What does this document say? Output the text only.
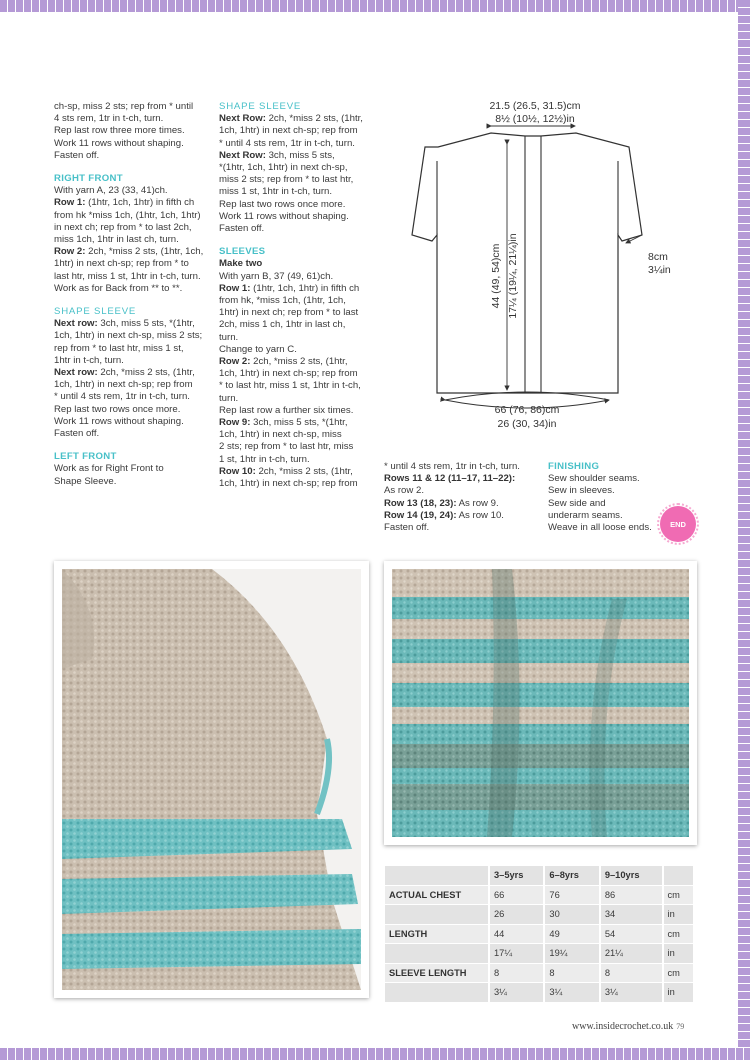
ch-sp, miss 2 sts; rep from * until

4 sts rem, 1tr in t-ch, turn.

Rep last row three more times.

Work 11 rows without shaping.

Fasten off.

RIGHT FRONT

With yarn A, 23 (33, 41)ch.

Row 1: (1htr, 1ch, 1htr) in fifth ch

from hk *miss 1ch, (1htr, 1ch, 1htr)

in next ch; rep from * to last 2ch,

miss 1ch, 1htr in last ch, turn.

Row 2: 2ch, *miss 2 sts, (1htr, 1ch,

1htr) in next ch-sp; rep from * to

last htr, miss 1 st, 1htr in t-ch, turn.

Work as for Back from ** to **.

SHAPE SLEEVE

Next row: 3ch, miss 5 sts, *(1htr,

1ch, 1htr) in next ch-sp, miss 2 sts;

rep from * to last htr, miss 1 st,

1htr in t-ch, turn.

Next row: 2ch, *miss 2 sts, (1htr,

1ch, 1htr) in next ch-sp; rep from

* until 4 sts rem, 1tr in t-ch, turn.

Rep last two rows once more.

Work 11 rows without shaping.

Fasten off.

LEFT FRONT

Work as for Right Front to

Shape Sleeve.

SHAPE SLEEVE

Next Row: 2ch, *miss 2 sts, (1htr,

1ch, 1htr) in next ch-sp; rep from

* until 4 sts rem, 1tr in t-ch, turn.

Next Row: 3ch, miss 5 sts,

*(1htr, 1ch, 1htr) in next ch-sp,

miss 2 sts; rep from * to last htr,

miss 1 st, 1htr in t-ch, turn.

Rep last two rows once more.

Work 11 rows without shaping.

Fasten off.

SLEEVES

Make two

With yarn B, 37 (49, 61)ch.

Row 1: (1htr, 1ch, 1htr) in fifth ch

from hk, *miss 1ch, (1htr, 1ch,

1htr) in next ch; rep from * to last

2ch, miss 1 ch, 1htr in last ch,

turn.

Change to yarn C.

Row 2: 2ch, *miss 2 sts, (1htr,

1ch, 1htr) in next ch-sp; rep from

* to last htr, miss 1 st, 1htr in t-ch,

turn.

Rep last row a further six times.

Row 9: 3ch, miss 5 sts, *(1htr,

1ch, 1htr) in next ch-sp, miss

2 sts; rep from * to last htr, miss

1 st, 1htr in t-ch, turn.

Row 10: 2ch, *miss 2 sts, (1htr,

1ch, 1htr) in next ch-sp; rep from

* until 4 sts rem, 1tr in t-ch, turn.

Rows 11 & 12 (11–17, 11–22):

As row 2.

Row 13 (18, 23): As row 9.

Row 14 (19, 24): As row 10.

Fasten off.

FINISHING

Sew shoulder seams.

Sew in sleeves.

Sew side and

underarm seams.

Weave in all loose ends.	END
21.5 (26.5, 31.5)cm
8½ (10½, 12½)in
44 (49, 54)cm 17¼ (19¼, 21¼)in	8cm
3¼in
66 (76, 86)cm
26 (30, 34)in
	3–5yrs	6–8yrs	9–10yrs	
ACTUAL CHEST	66	76	86	cm
	26	30	34	in
LENGTH	44	49	54	cm
	17¼	19¼	21¼	in
SLEEVE LENGTH	8	8	8	cm
	3¼	3¼	3¼	in
www.insidecrochet.co.uk 79
